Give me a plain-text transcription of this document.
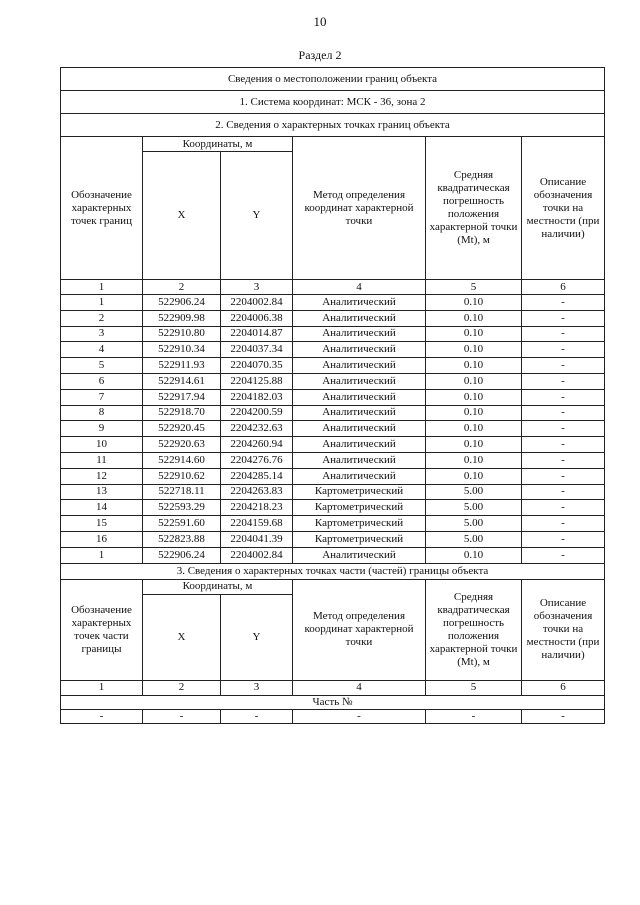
10
Раздел 2
Сведения о местоположении границ объекта					
1. Система координат: МСК - 36, зона 2					
2. Сведения о характерных точках границ объекта					
Обозначение характерных точек границ	Координаты, м		Метод определения координат характерной точки	Средняя квадратическая погрешность положения характерной точки (Mt), м	Описание обозначения точки на местности (при наличии)
	X	Y			
1	2	3	4	5	6
1	522906.24	2204002.84	Аналитический	0.10	-
2	522909.98	2204006.38	Аналитический	0.10	-
3	522910.80	2204014.87	Аналитический	0.10	-
4	522910.34	2204037.34	Аналитический	0.10	-
5	522911.93	2204070.35	Аналитический	0.10	-
6	522914.61	2204125.88	Аналитический	0.10	-
7	522917.94	2204182.03	Аналитический	0.10	-
8	522918.70	2204200.59	Аналитический	0.10	-
9	522920.45	2204232.63	Аналитический	0.10	-
10	522920.63	2204260.94	Аналитический	0.10	-
11	522914.60	2204276.76	Аналитический	0.10	-
12	522910.62	2204285.14	Аналитический	0.10	-
13	522718.11	2204263.83	Картометрический	5.00	-
14	522593.29	2204218.23	Картометрический	5.00	-
15	522591.60	2204159.68	Картометрический	5.00	-
16	522823.88	2204041.39	Картометрический	5.00	-
1	522906.24	2204002.84	Аналитический	0.10	-
3. Сведения о характерных точках части (частей) границы объекта					
Обозначение характерных точек части границы	Координаты, м		Метод определения координат характерной точки	Средняя квадратическая погрешность положения характерной точки (Mt), м	Описание обозначения точки на местности (при наличии)
	X	Y			
1	2	3	4	5	6
Часть №					
-	-	-	-	-	-
